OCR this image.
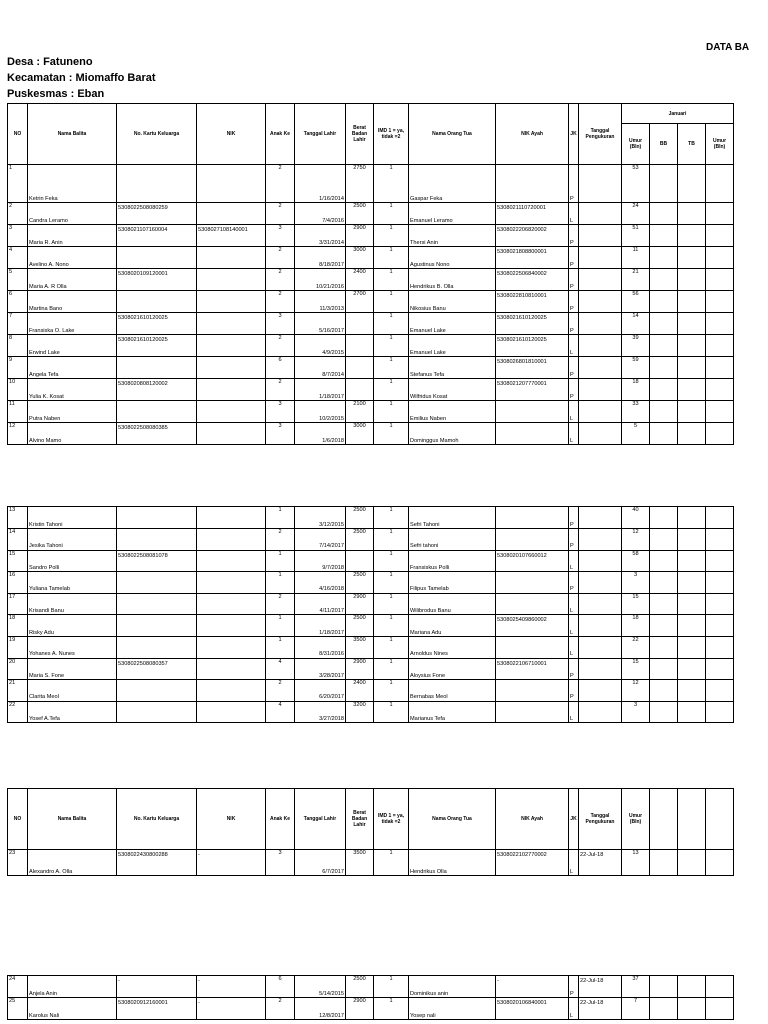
DATA BA
Desa : Fatuneno
Kecamatan : Miomaffo Barat
Puskesmas : Eban
NO	Nama Balita	No. Kartu Keluarga	NIK	Anak Ke	Tanggal Lahir	Berat Badan Lahir	IMD 1 = ya, tidak =2	Nama Orang Tua	NIK Ayah	JK	Tanggal Pengukuran	Januari			
												Umur (Bln)	BB	TB	Umur (Bln)
1	Ketrin Feka			2	1/16/2014	2750	1	Gaspar Feka		P		53			
2	Candra Leramo	5308022508080259		2	7/4/2016	2500	1	Emanuel Leramo	5308021110720001	L		24			
3	Maria R. Anin	5308021107160004	5308027108140001	3	3/31/2014	2900	1	Thersi Anin	5308022206820002	P		51			
4	Avelino A. Nono			2	8/18/2017	3000	1	Agustinus Nono	5308021808800001	P		11			
5	Maria A. R Olla	5308020109120001		2	10/21/2016	2400	1	Hendrikus B. Olla	5308022506840002	P		21			
6	Martina Bano			2	11/3/2013	2700	1	Nikosius Banu	5308022810810001	P		56			
7	Fransiska O. Lake	5308021610120025		3	5/16/2017		1	Emanuel Lake	5308021610120025	P		14			
8	Erwind Lake	5308021610120025		2	4/9/2015		1	Emanuel Lake	5308021610120025	L		39			
9	Angela Tefa			6	8/7/2014		1	Stefanus Tefa	5308026801810001	P		59			
10	Yulia K. Kosat	5308020808120002		2	1/18/2017		1	Wilfridus Kosat	5308021207770001	P		18			
11	Putra Naben			3	10/2/2015	2100	1	Emilius Naben		L		33			
12	Alvino Mamo	5308022508080385		3	1/6/2018	3000	1	Dominggus Mamoh		L		5			
13	Kristin Tahoni			1	3/12/2015	2500	1	Sefri Tahoni		P		40			
14	Jesika Tahoni			2	7/14/2017	2500	1	Sefri tahoni		P		12			
15	Sandro Polli	5308022508081078		1	9/7/2018		1	Fransiskus Polli	5308020107660012	L		58			
16	Yuliana Tamelab			1	4/16/2018	2500	1	Filipus Tamelab		P		3			
17	Krisandi Banu			2	4/11/2017	2900	1	Wilibrodus Banu		L		15			
18	Risky Adu			1	1/18/2017	2500	1	Mariana Adu	5308025409860002	L		18			
19	Yohanes A. Nunes			1	8/31/2016	3500	1	Arnoldus Nines		L		22			
20	Maria S. Fone	5308022508080357		4	3/28/2017	2900	1	Aloysius Fone	5308022106710001	P		15			
21	Clarita Meol			2	6/20/2017	2400	1	Bernabas Meol		P		12			
22	Yosef A.Tefa			4	3/27/2018	3200	1	Marianus Tefa		L		3			
NO	Nama Balita	No. Kartu Keluarga	NIK	Anak Ke	Tanggal Lahir	Berat Badan Lahir	IMD 1 = ya, tidak =2	Nama Orang Tua	NIK Ayah	JK	Tanggal Pengukuran	Umur (Bln)			
23	Alexandro A. Olla	5308022430800288	-	3	6/7/2017	3500	1	Hendrikus Olla	5308022102770002	L	22-Jul-18	13			
24	Anjela Anin	-	-	6	5/14/2015	2500	1	Dominikus anin	-	P	22-Jul-18	37			
25	Karolus Nali	5308020912160001	-	2	12/8/2017	2900	1	Yosep nali	5308020106840001	L	22-Jul-18	7			
